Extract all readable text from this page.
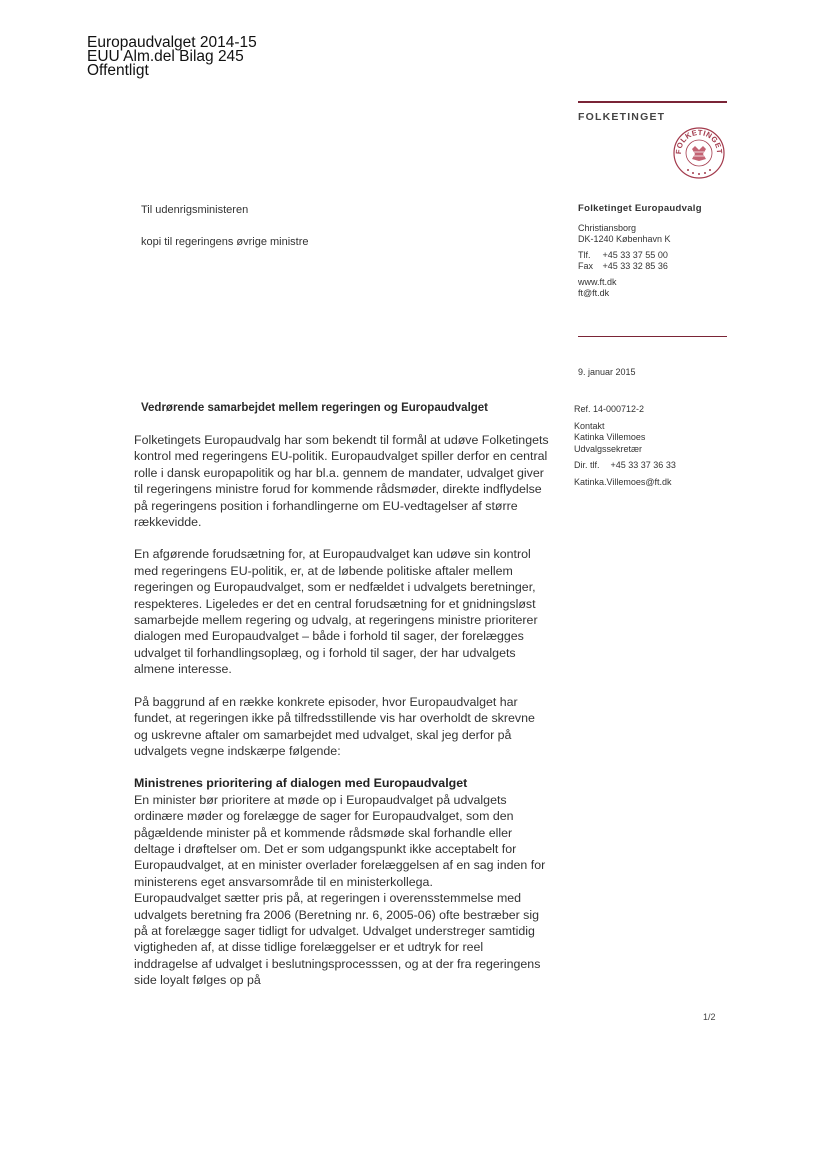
Europaudvalget 2014-15
EUU Alm.del Bilag 245
Offentligt
FOLKETINGET
FOLKETINGET
Folketinget Europaudvalg
Christiansborg
DK-1240 København K
Tlf. +45 33 37 55 00
Fax +45 33 32 85 36
www.ft.dk
ft@ft.dk
Til udenrigsministeren
kopi til regeringens øvrige ministre
9. januar 2015
Ref. 14-000712-2
Kontakt
Katinka Villemoes
Udvalgssekretær
Dir. tlf. +45 33 37 36 33
Katinka.Villemoes@ft.dk
Vedrørende samarbejdet mellem regeringen og Europaudvalget

Folketingets Europaudvalg har som bekendt til formål at udøve Folketingets kontrol med regeringens EU-politik. Europaudvalget spiller derfor en central rolle i dansk europapolitik og har bl.a. gennem de mandater, udvalget giver til regeringens ministre forud for kommende rådsmøder, direkte indflydelse på regeringens position i forhandlingerne om EU-vedtagelser af større rækkevidde.

En afgørende forudsætning for, at Europaudvalget kan udøve sin kontrol med regeringens EU-politik, er, at de løbende politiske aftaler mellem regeringen og Europaudvalget, som er nedfældet i udvalgets beretninger, respekteres. Ligeledes er det en central forudsætning for et gnidningsløst samarbejde mellem regering og udvalg, at regeringens ministre prioriterer dialogen med Europaudvalget – både i forhold til sager, der forelægges udvalget til forhandlingsoplæg, og i forhold til sager, der har udvalgets almene interesse.

På baggrund af en række konkrete episoder, hvor Europaudvalget har fundet, at regeringen ikke på tilfredsstillende vis har overholdt de skrevne og uskrevne aftaler om samarbejdet med udvalget, skal jeg derfor på udvalgets vegne indskærpe følgende:

Ministrenes prioritering af dialogen med Europaudvalget

En minister bør prioritere at møde op i Europaudvalget på udvalgets ordinære møder og forelægge de sager for Europaudvalget, som den pågældende minister på et kommende rådsmøde skal forhandle eller deltage i drøftelser om. Det er som udgangspunkt ikke acceptabelt for Europaudvalget, at en minister overlader forelæggelsen af en sag inden for ministerens eget ansvarsområde til en ministerkollega.

Europaudvalget sætter pris på, at regeringen i overensstemmelse med udvalgets beretning fra 2006 (Beretning nr. 6, 2005-06) ofte bestræber sig på at forelægge sager tidligt for udvalget. Udvalget understreger samtidig vigtigheden af, at disse tidlige forelæggelser er et udtryk for reel inddragelse af udvalget i beslutningsprocesssen, og at der fra regeringens side loyalt følges op på

1/2
